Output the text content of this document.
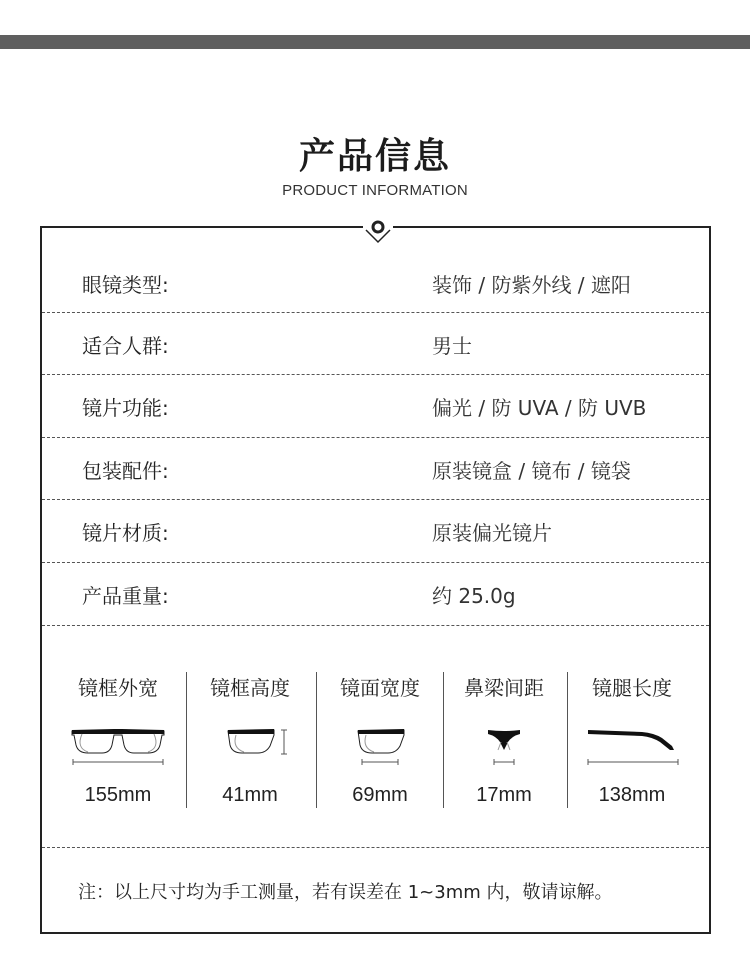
产品信息
PRODUCT INFORMATION
眼镜类型:	装饰 / 防紫外线 / 遮阳
适合人群:	男士
镜片功能:	偏光 / 防 UVA / 防 UVB
包装配件:	原装镜盒 / 镜布 / 镜袋
镜片材质:	原装偏光镜片
产品重量:	约 25.0g
镜框外宽
155mm
镜框高度
41mm
镜面宽度
69mm
鼻梁间距
17mm
镜腿长度
138mm
注：以上尺寸均为手工测量，若有误差在 1~3mm 内，敬请谅解。
